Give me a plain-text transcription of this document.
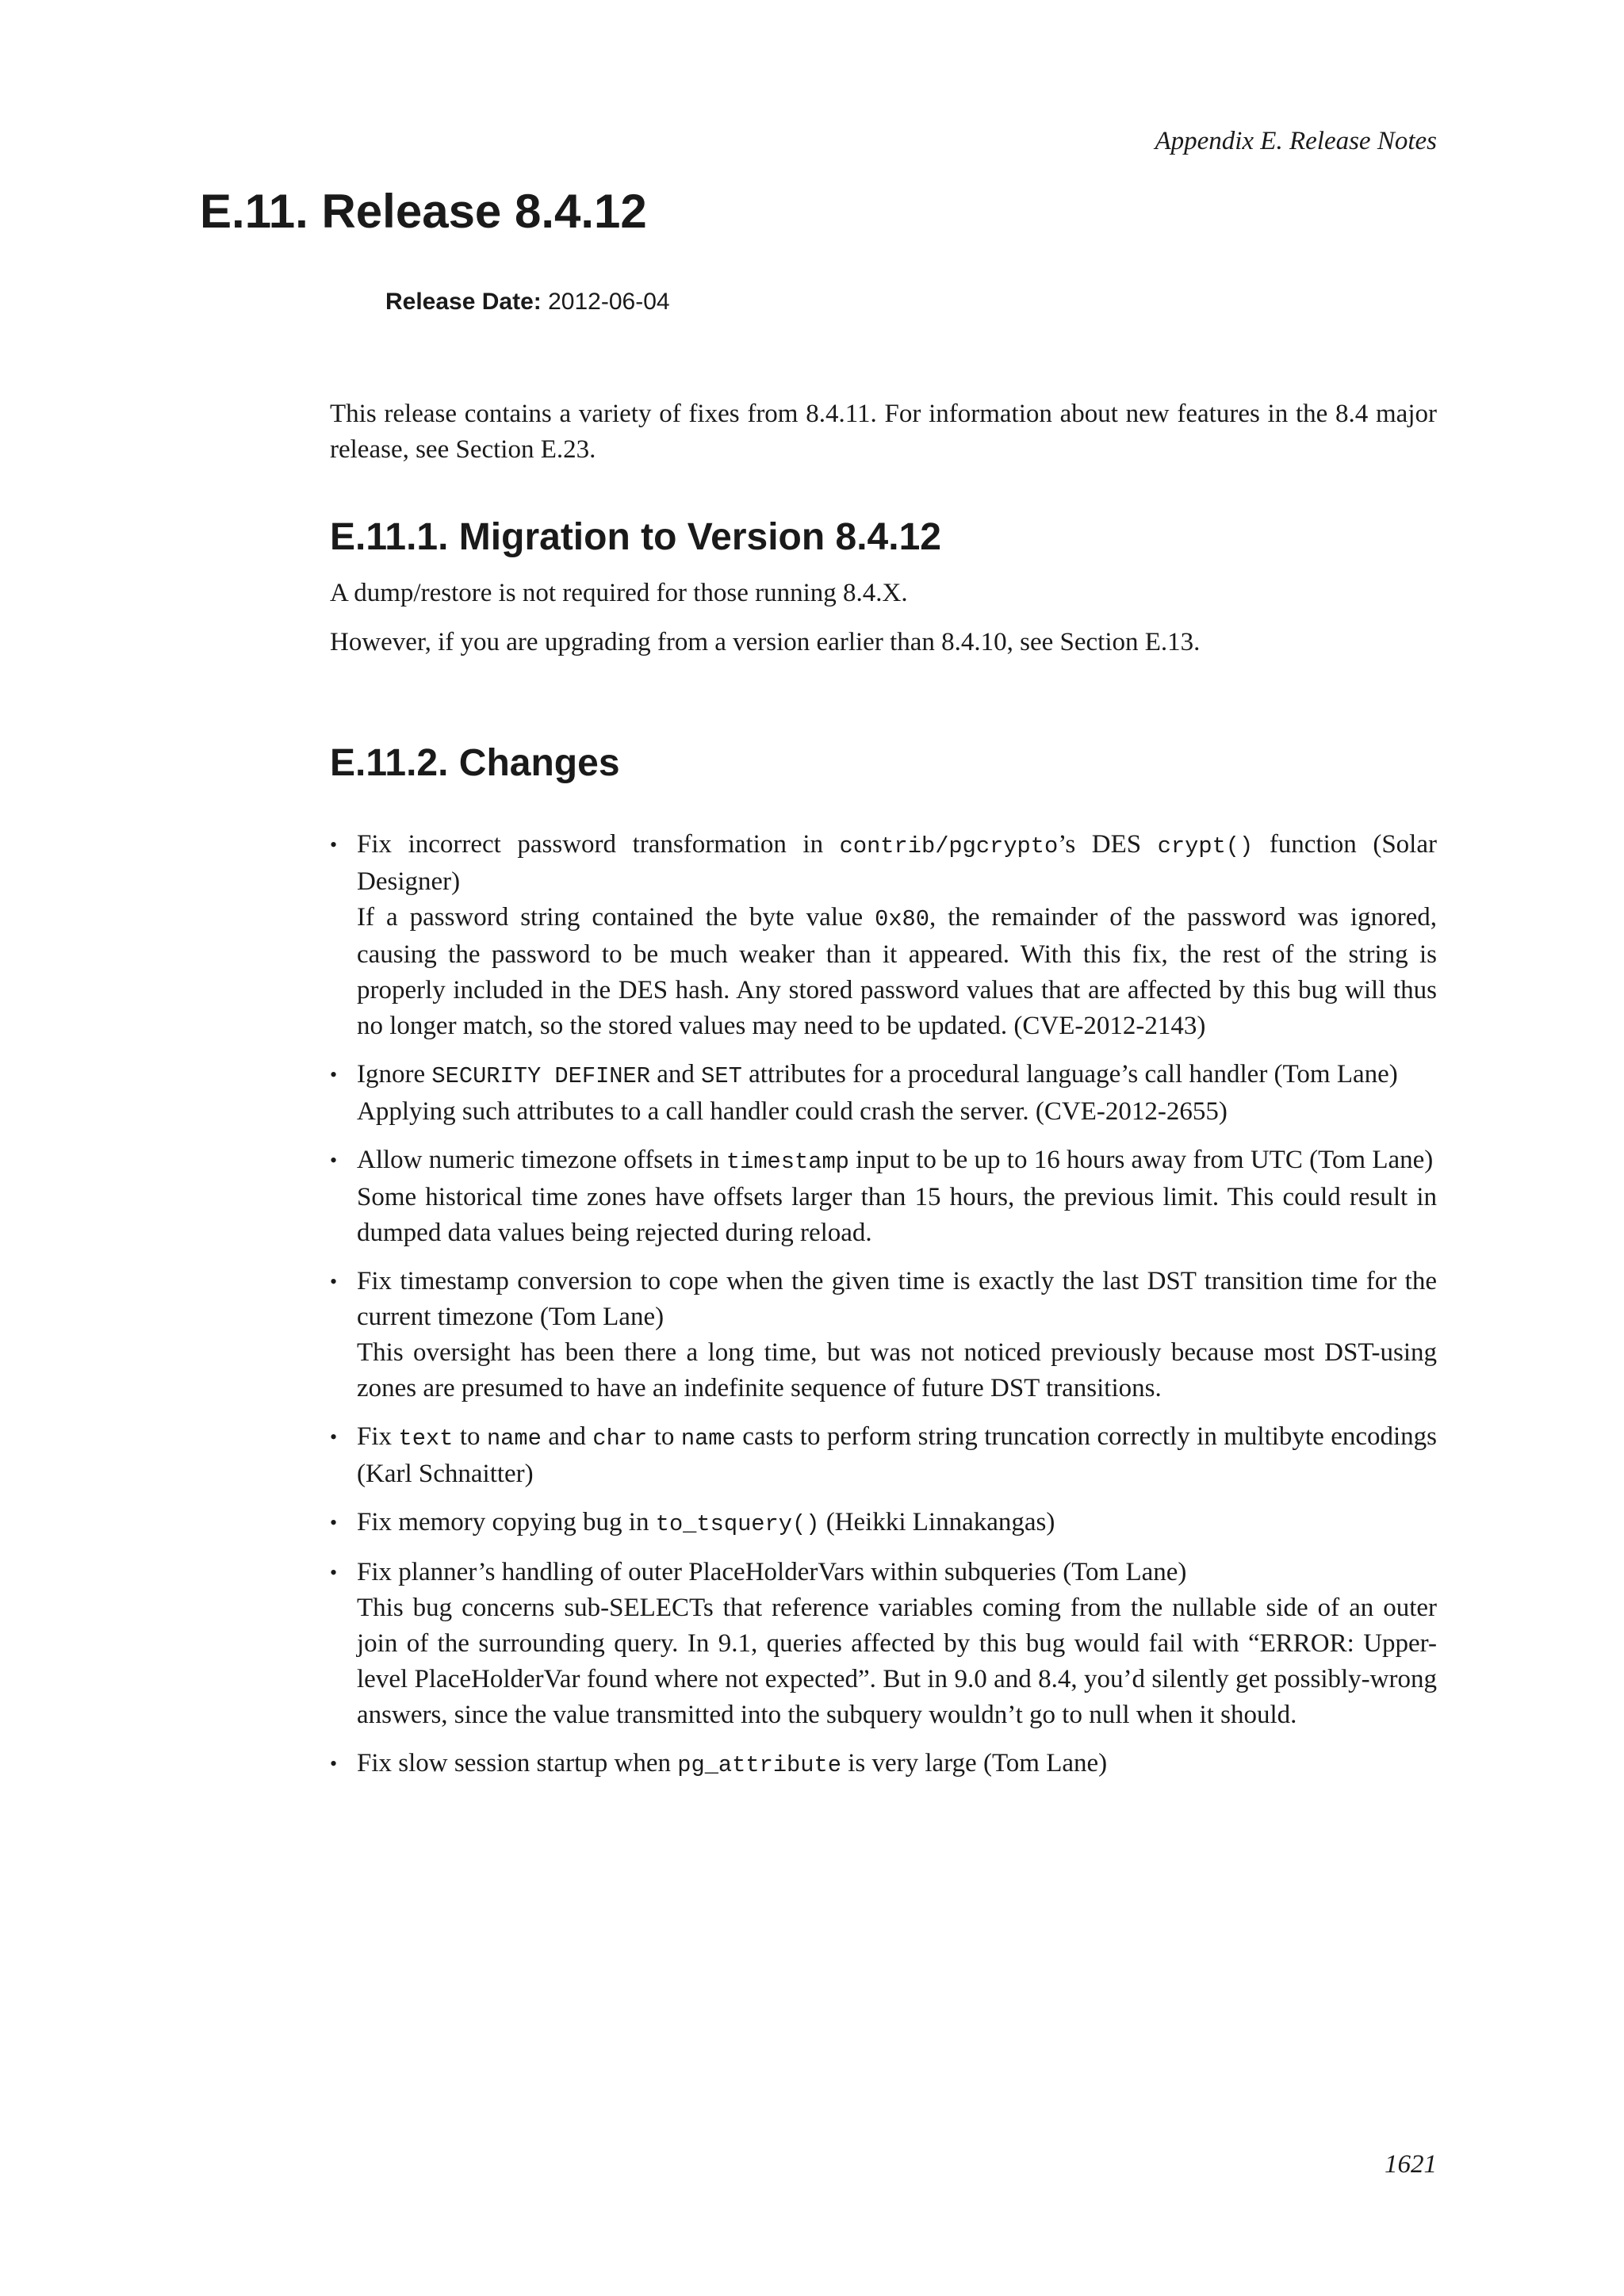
Appendix E. Release Notes
E.11. Release 8.4.12
Release Date: 2012-06-04

This release contains a variety of fixes from 8.4.11. For information about new features in the 8.4 major release, see Section E.23.

E.11.1. Migration to Version 8.4.12

A dump/restore is not required for those running 8.4.X.

However, if you are upgrading from a version earlier than 8.4.10, see Section E.13.

E.11.2. Changes

• Fix incorrect password transformation in contrib/pgcrypto’s DES crypt() function (Solar Designer)

If a password string contained the byte value 0x80, the remainder of the password was ignored, causing the password to be much weaker than it appeared. With this fix, the rest of the string is properly included in the DES hash. Any stored password values that are affected by this bug will thus no longer match, so the stored values may need to be updated. (CVE-2012-2143)

• Ignore SECURITY DEFINER and SET attributes for a procedural language’s call handler (Tom Lane)

Applying such attributes to a call handler could crash the server. (CVE-2012-2655)

• Allow numeric timezone offsets in timestamp input to be up to 16 hours away from UTC (Tom Lane)

Some historical time zones have offsets larger than 15 hours, the previous limit. This could result in dumped data values being rejected during reload.

• Fix timestamp conversion to cope when the given time is exactly the last DST transition time for the current timezone (Tom Lane)

This oversight has been there a long time, but was not noticed previously because most DST-using zones are presumed to have an indefinite sequence of future DST transitions.

• Fix text to name and char to name casts to perform string truncation correctly in multibyte encodings (Karl Schnaitter)

• Fix memory copying bug in to_tsquery() (Heikki Linnakangas)

• Fix planner’s handling of outer PlaceHolderVars within subqueries (Tom Lane)

This bug concerns sub-SELECTs that reference variables coming from the nullable side of an outer join of the surrounding query. In 9.1, queries affected by this bug would fail with “ERROR: Upper-level PlaceHolderVar found where not expected”. But in 9.0 and 8.4, you’d silently get possibly-wrong answers, since the value transmitted into the subquery wouldn’t go to null when it should.

• Fix slow session startup when pg_attribute is very large (Tom Lane)

1621
